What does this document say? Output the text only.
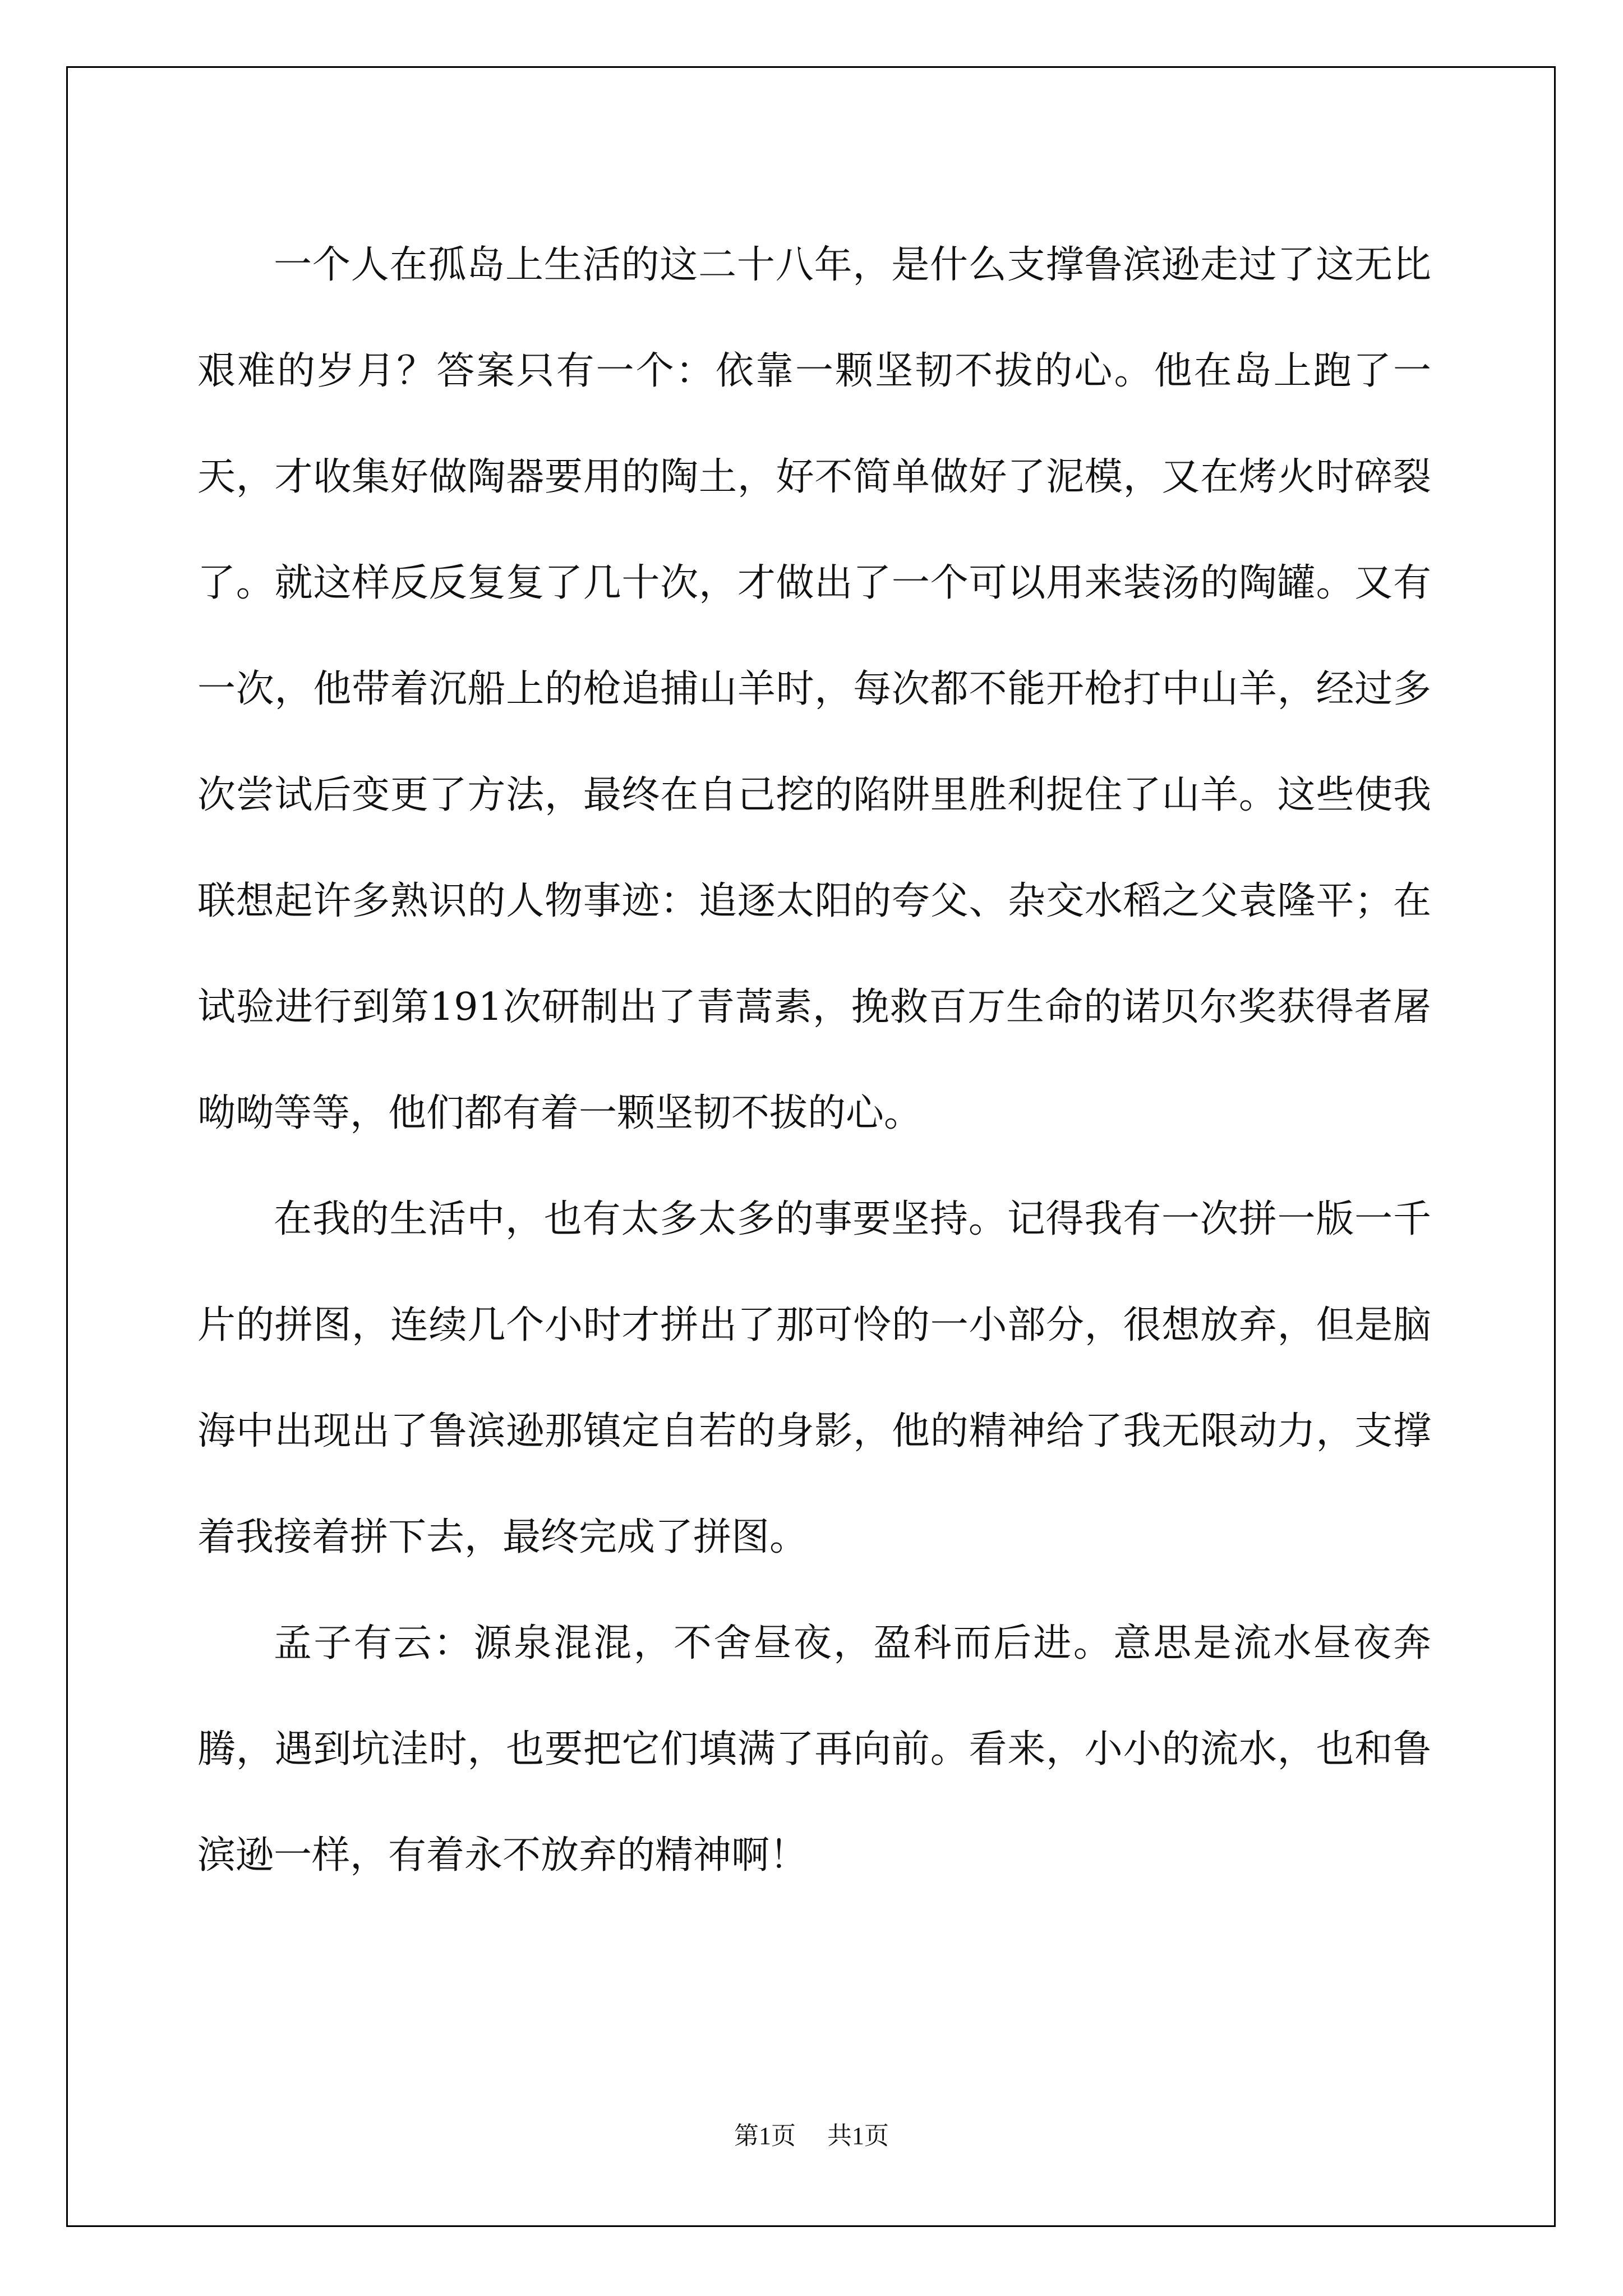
一个人在孤岛上生活的这二十八年，是什么支撑鲁滨逊走过了这无比艰难的岁月？答案只有一个：依靠一颗坚韧不拔的心。他在岛上跑了一天，才收集好做陶器要用的陶土，好不简单做好了泥模，又在烤火时碎裂了。就这样反反复复了几十次，才做出了一个可以用来装汤的陶罐。又有一次，他带着沉船上的枪追捕山羊时，每次都不能开枪打中山羊，经过多次尝试后变更了方法，最终在自己挖的陷阱里胜利捉住了山羊。这些使我联想起许多熟识的人物事迹：追逐太阳的夸父、杂交水稻之父袁隆平；在试验进行到第191次研制出了青蒿素，挽救百万生命的诺贝尔奖获得者屠呦呦等等，他们都有着一颗坚韧不拔的心。

在我的生活中，也有太多太多的事要坚持。记得我有一次拼一版一千片的拼图，连续几个小时才拼出了那可怜的一小部分，很想放弃，但是脑海中出现出了鲁滨逊那镇定自若的身影，他的精神给了我无限动力，支撑着我接着拼下去，最终完成了拼图。

孟子有云：源泉混混，不舍昼夜，盈科而后进。意思是流水昼夜奔腾，遇到坑洼时，也要把它们填满了再向前。看来，小小的流水，也和鲁滨逊一样，有着永不放弃的精神啊！

第1页 共1页
